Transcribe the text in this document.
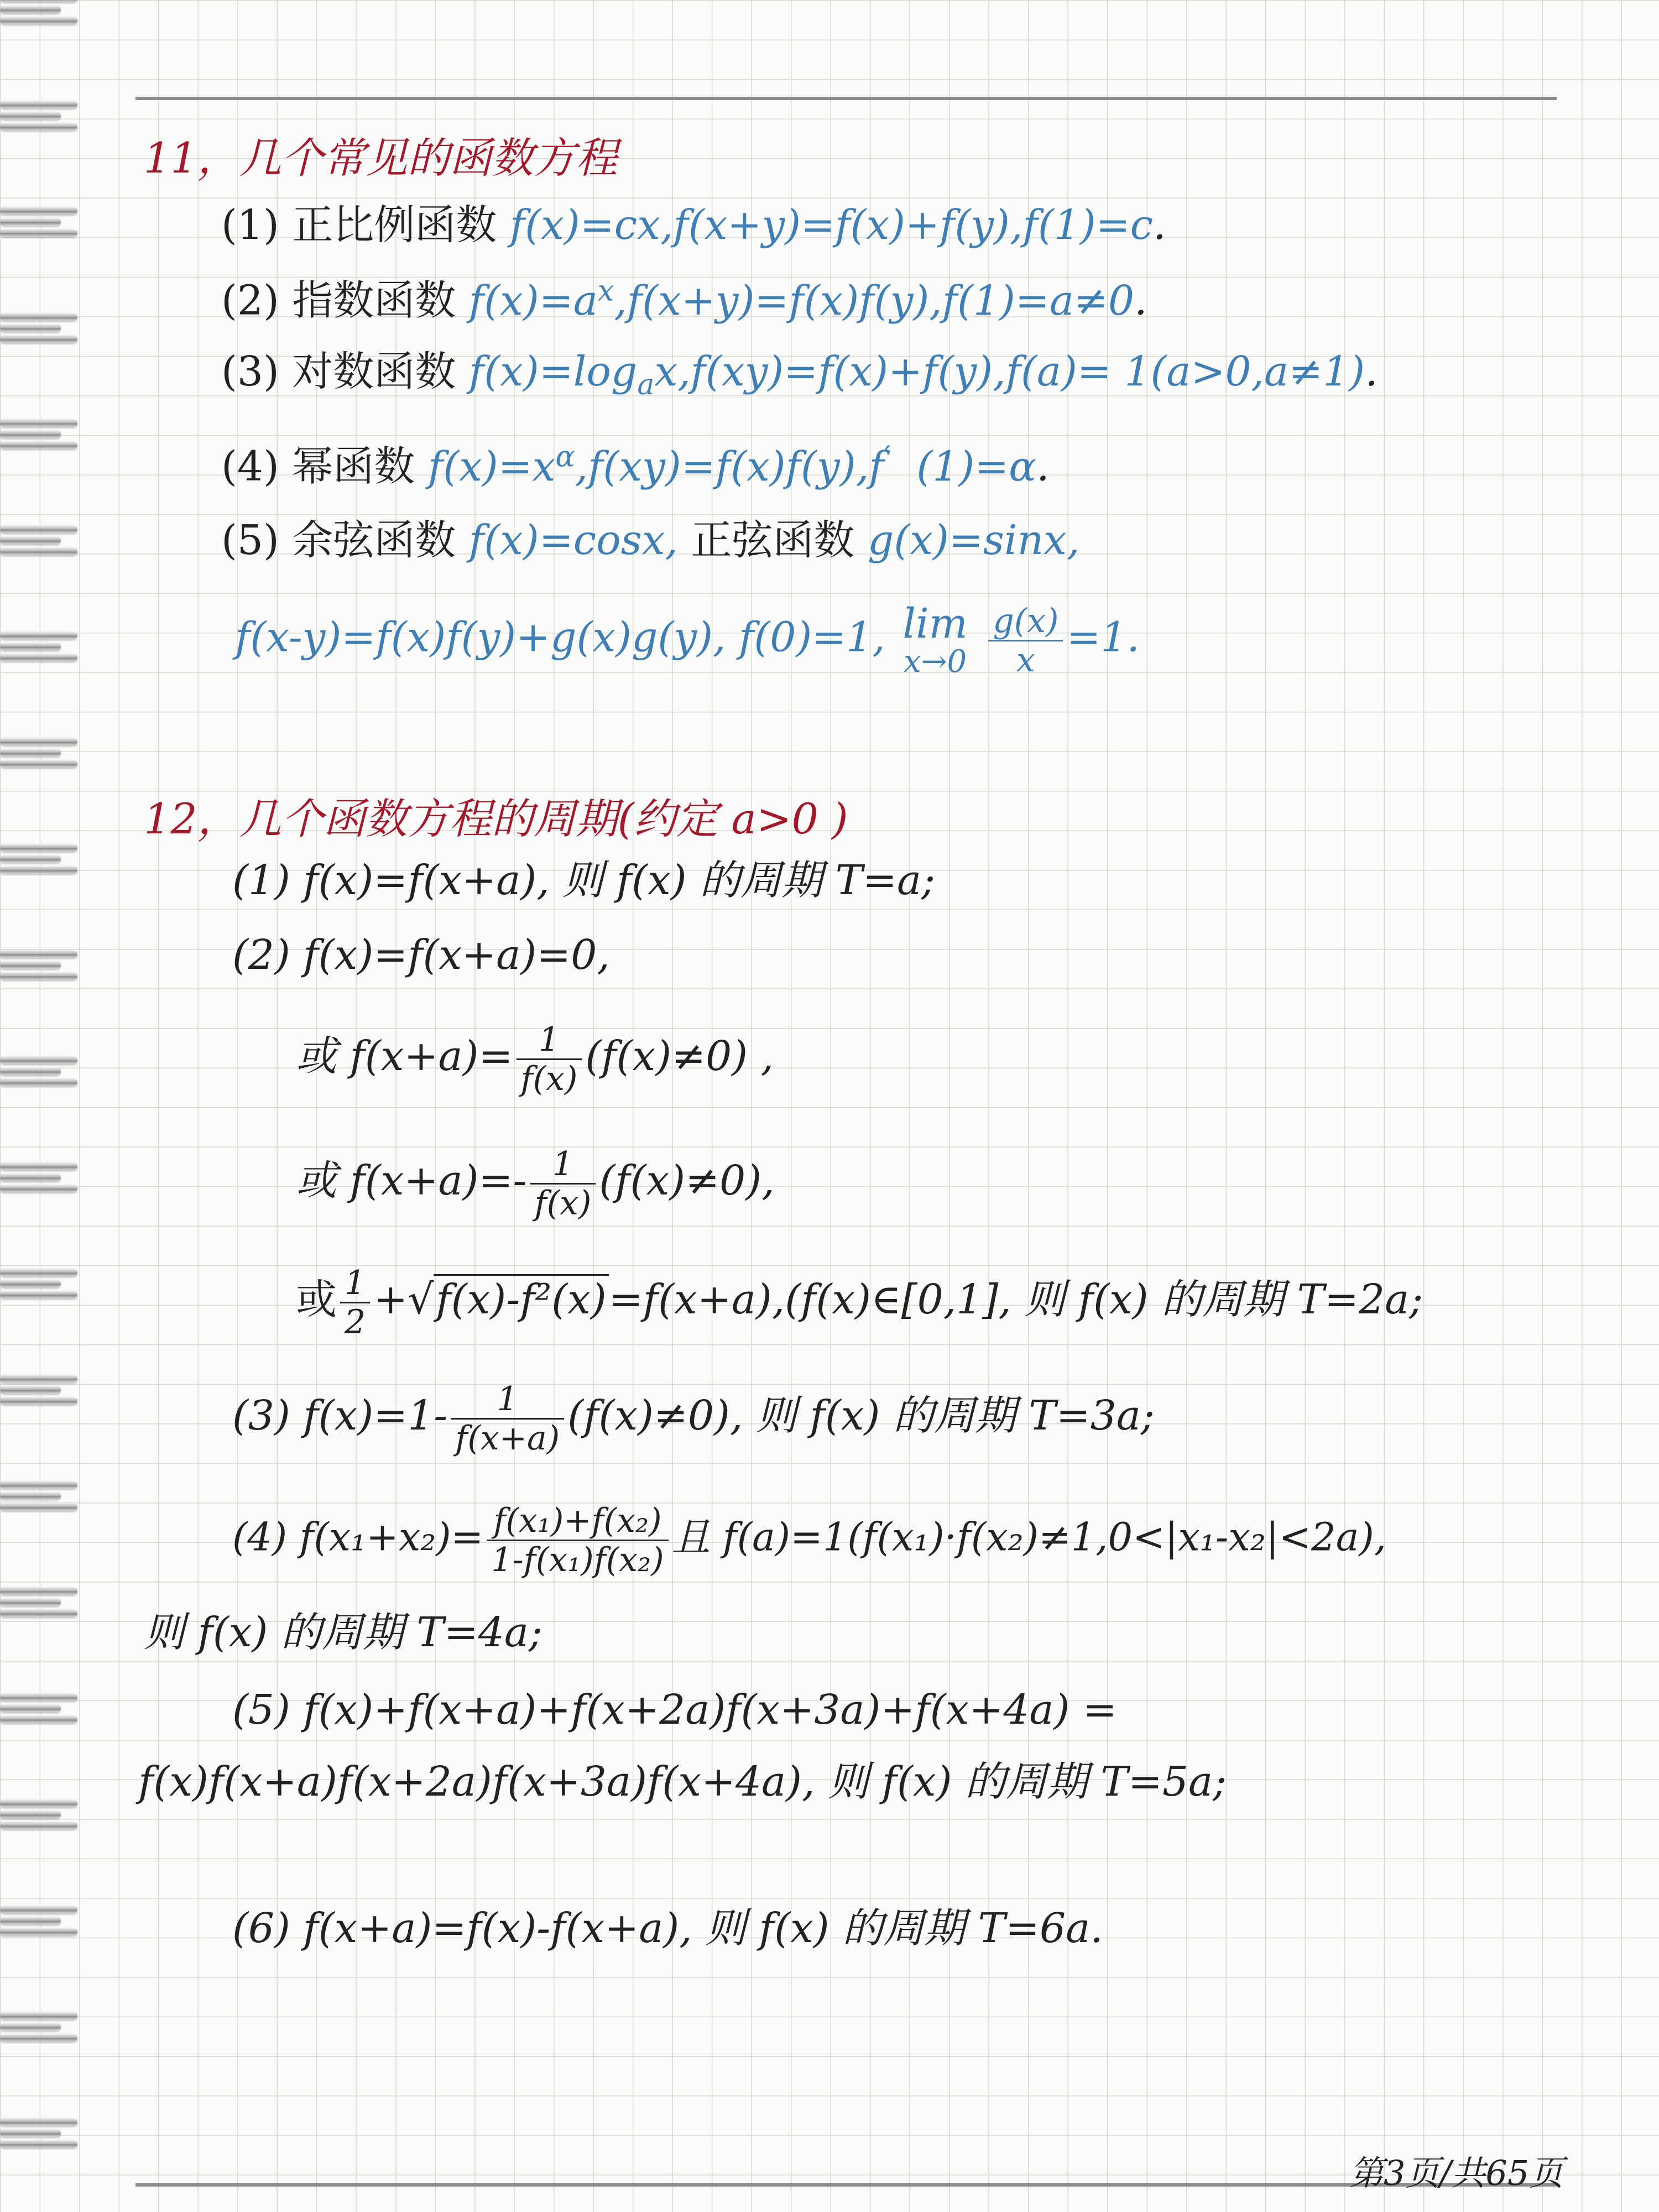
11，几个常见的函数方程
(1) 正比例函数 f(x)=cx,f(x+y)=f(x)+f(y),f(1)=c.
(2) 指数函数 $f(x)=a^x,f(x+y)=f(x)f(y),f(1)=a\ne 0$.
(3) 对数函数 $f(x)=\log_ax,f(xy)=f(x)+f(y),f(a)= 1(a>0,a\ne 1)$.
(4) 幂函数 $f(x)=x^\alpha,f(xy)=f(x)f(y),f'$ (1)=α.
(5) 余弦函数 f(x)=cosx, 正弦函数 g(x)=sinx,
f(x-y)=f(x)f(y)+g(x)g(y), f(0)=1, lim
x→0
$\frac{g(x)}{x} =1$.
12，几个函数方程的周期(约定 a>0 )
(1) f(x)=f(x+a), 则 f(x) 的周期 T=a;
(2) f(x)=f(x+a)=0,
或 $f(x+a)= \frac{1}{f(x)} (f(x)\ne 0)$ ,
或 $f(x+a)=- \frac{1}{f(x)} (f(x)\ne 0)$,
或 $\frac{1}{2}$ +√f(x)-f²(x)=f(x+a),(f(x)∈[0,1], 则 f(x) 的周期 T=2a;
(3) $f(x)=1- \frac{1}{f(x+a)} (f(x)\ne 0)$, 则 f(x) 的周期 T=3a;
(4) $f(x_1+x_2)= \frac{\text{f(x₁)+f(x₂)}}{\text{1-f(x₁)f(x₂)}}$ 且 f(a)=1(f(x₁)·f(x₂)≠1,0<|x₁-x₂|<2a),
则 f(x) 的周期 T=4a;
(5) f(x)+f(x+a)+f(x+2a)f(x+3a)+f(x+4a) =
f(x)f(x+a)f(x+2a)f(x+3a)f(x+4a), 则 f(x) 的周期 T=5a;
(6) f(x+a)=f(x)-f(x+a), 则 f(x) 的周期 T=6a.
第3页/共65页
